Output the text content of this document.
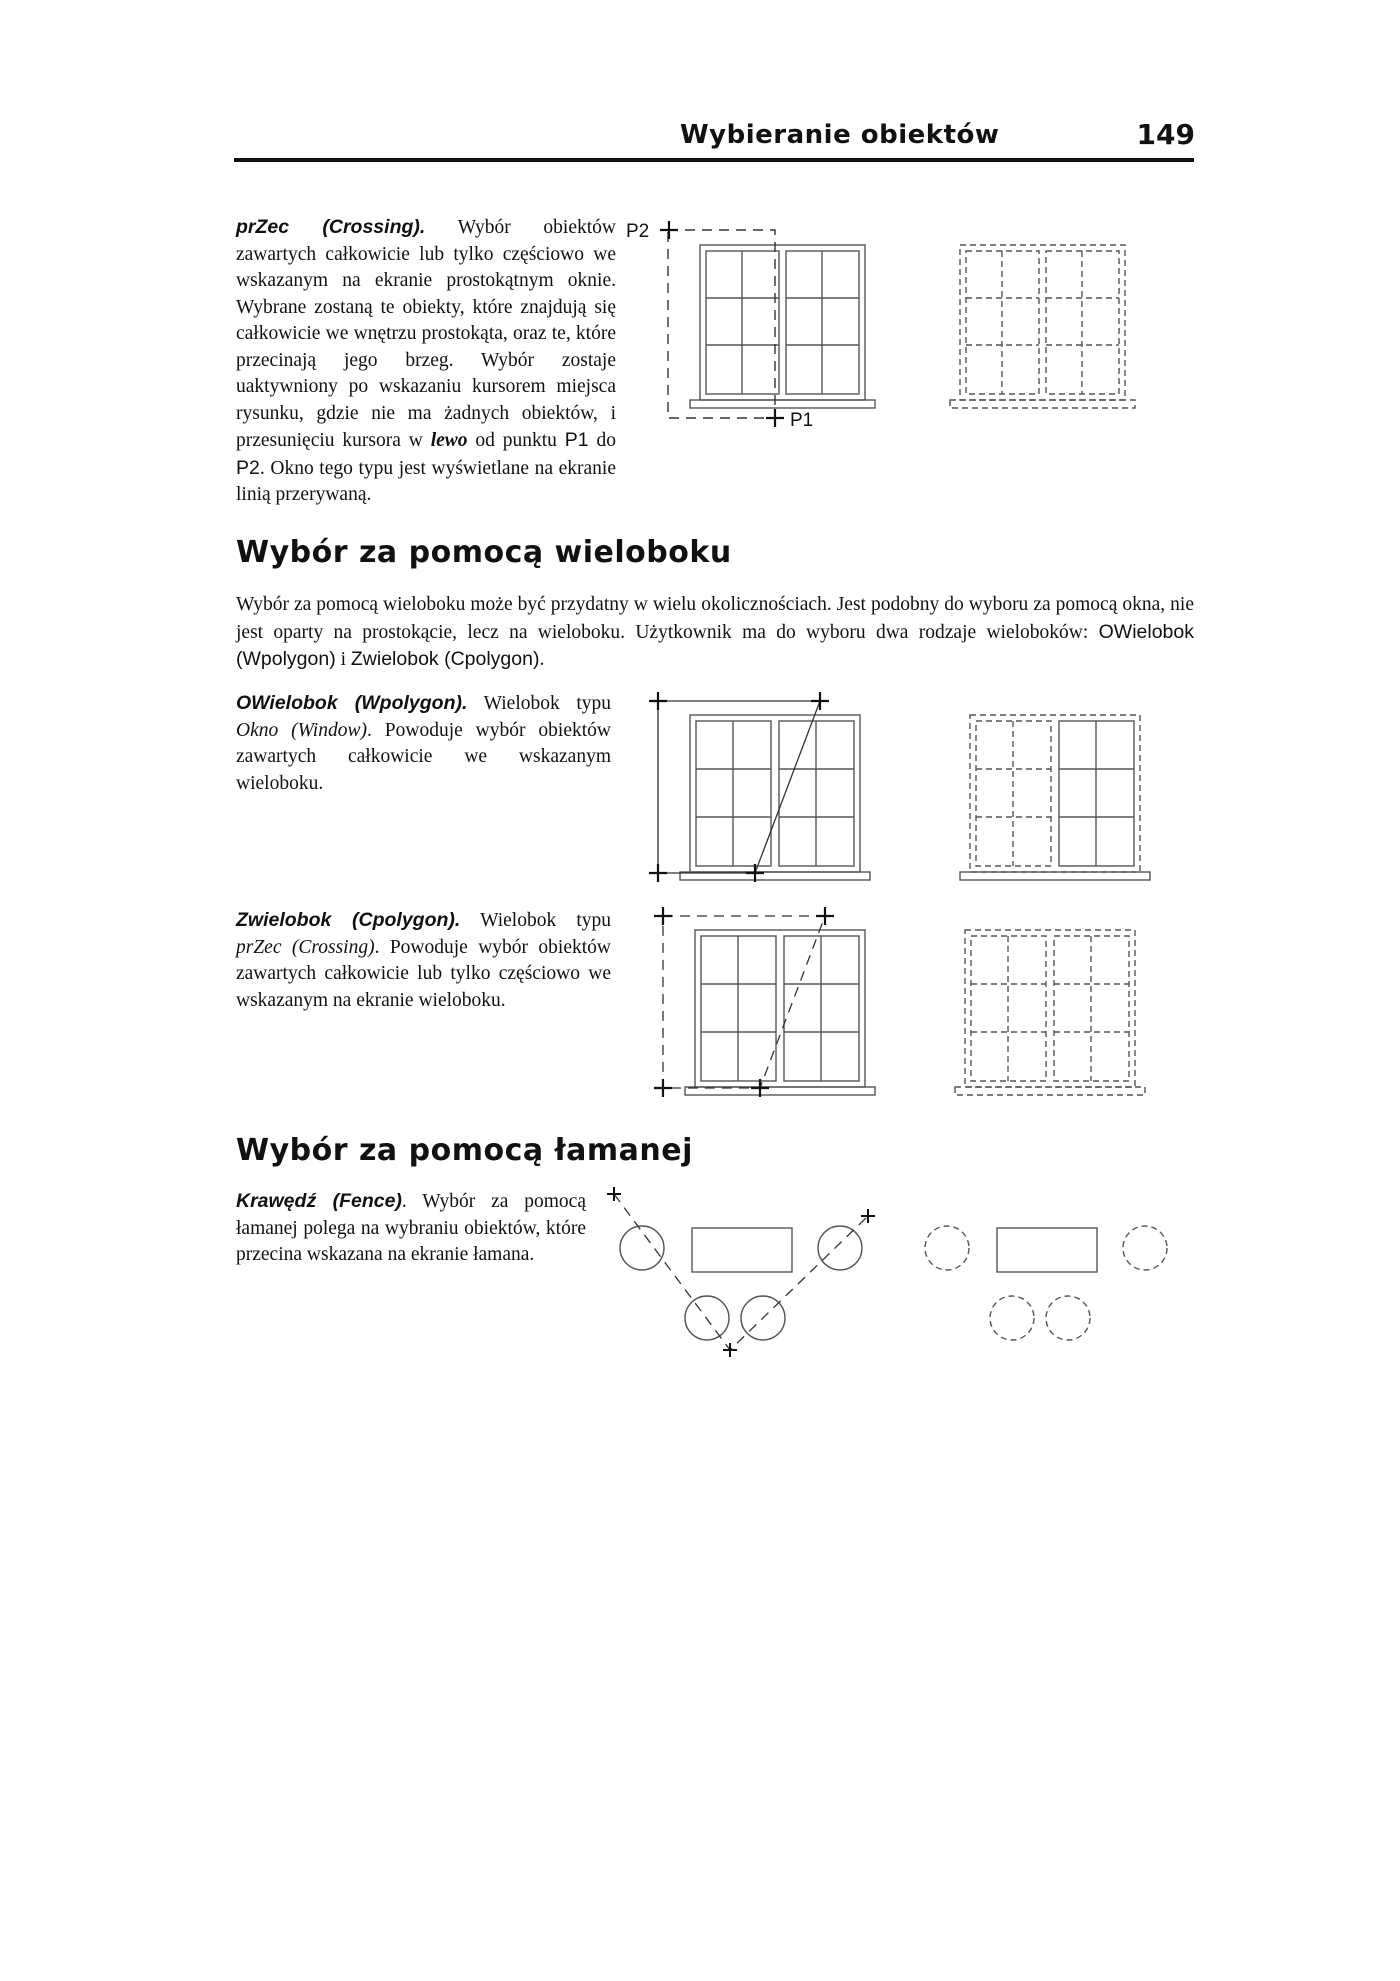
Wybieranie obiektów	149

prZec (Crossing). Wybór obiektów zawartych całkowicie lub tylko częściowo we wskazanym na ekranie prostokątnym oknie. Wybrane zostaną te obiekty, które znajdują się całkowicie we wnętrzu prostokąta, oraz te, które przecinają jego brzeg. Wybór zostaje uaktywniony po wskazaniu kursorem miejsca rysunku, gdzie nie ma żadnych obiektów, i przesunięciu kursora w lewo od punktu P1 do P2. Okno tego typu jest wyświetlane na ekranie linią przerywaną.

P2
P1
Wybór za pomocą wieloboku

Wybór za pomocą wieloboku może być przydatny w wielu okolicznościach. Jest podobny do wyboru za pomocą okna, nie jest oparty na prostokącie, lecz na wieloboku. Użytkownik ma do wyboru dwa rodzaje wieloboków: OWielobok (Wpolygon) i Zwielobok (Cpolygon).

OWielobok (Wpolygon). Wielobok typu Okno (Window). Powoduje wybór obiektów zawartych całkowicie we wskazanym wieloboku.

Zwielobok (Cpolygon). Wielobok typu prZec (Crossing). Powoduje wybór obiektów zawartych całkowicie lub tylko częściowo we wskazanym na ekranie wieloboku.

Wybór za pomocą łamanej

Krawędź (Fence). Wybór za pomocą łamanej polega na wybraniu obiektów, które przecina wskazana na ekranie łamana.
